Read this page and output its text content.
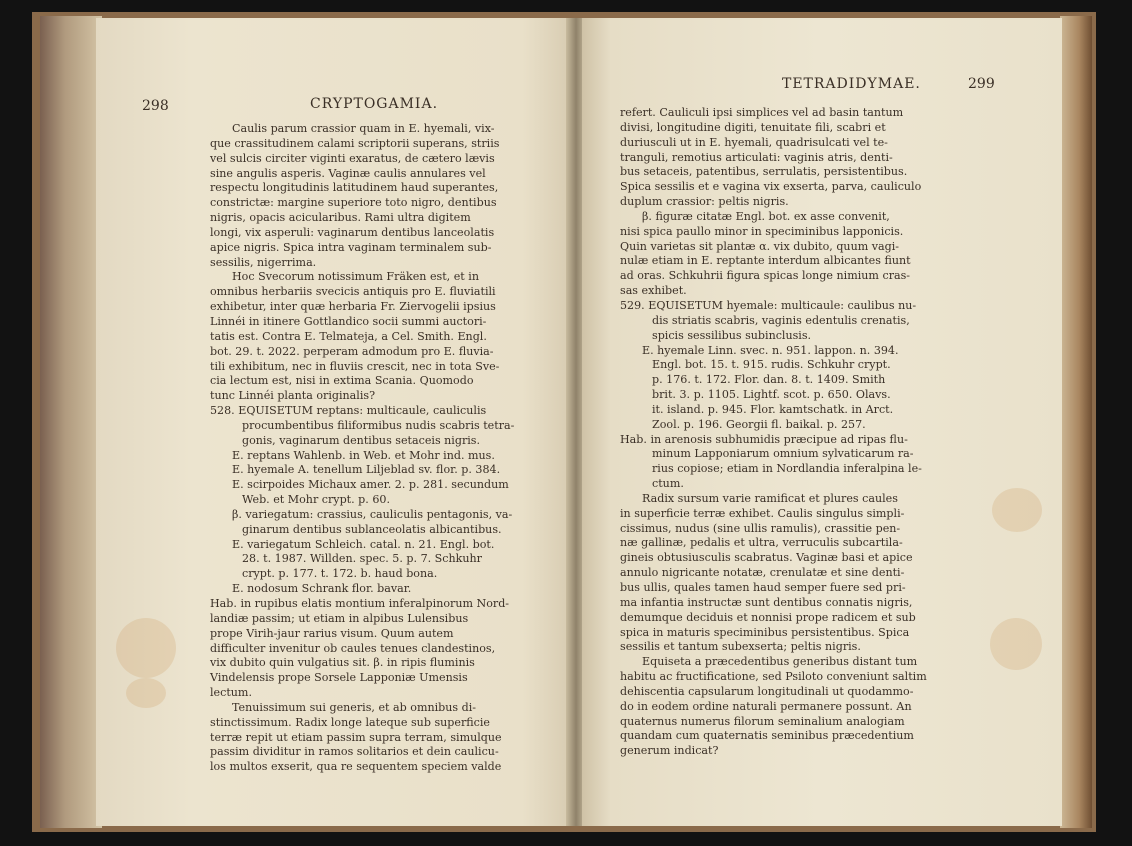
298	CRYPTOGAMIA.
Caulis parum crassior quam in E. hyemali, vix-
que crassitudinem calami scriptorii superans, striis
vel sulcis circiter viginti exaratus, de cætero lævis
sine angulis asperis. Vaginæ caulis annulares vel
respectu longitudinis latitudinem haud superantes,
constrictæ: margine superiore toto nigro, dentibus
nigris, opacis acicularibus. Rami ultra digitem
longi, vix asperuli: vaginarum dentibus lanceolatis
apice nigris. Spica intra vaginam terminalem sub-
sessilis, nigerrima.
Hoc Svecorum notissimum Fräken est, et in
omnibus herbariis svecicis antiquis pro E. fluviatili
exhibetur, inter quæ herbaria Fr. Ziervogelii ipsius
Linnéi in itinere Gottlandico socii summi auctori-
tatis est. Contra E. Telmateja, a Cel. Smith. Engl.
bot. 29. t. 2022. perperam admodum pro E. fluvia-
tili exhibitum, nec in fluviis crescit, nec in tota Sve-
cia lectum est, nisi in extima Scania. Quomodo
tunc Linnéi planta originalis?
528. EQUISETUM reptans: multicaule, cauliculis
procumbentibus filiformibus nudis scabris tetra-
gonis, vaginarum dentibus setaceis nigris.
E. reptans Wahlenb. in Web. et Mohr ind. mus.
E. hyemale A. tenellum Liljeblad sv. flor. p. 384.
E. scirpoides Michaux amer. 2. p. 281. secundum
Web. et Mohr crypt. p. 60.
β. variegatum: crassius, cauliculis pentagonis, va-
ginarum dentibus sublanceolatis albicantibus.
E. variegatum Schleich. catal. n. 21. Engl. bot.
28. t. 1987. Willden. spec. 5. p. 7. Schkuhr
crypt. p. 177. t. 172. b. haud bona.
E. nodosum Schrank flor. bavar.
Hab. in rupibus elatis montium inferalpinorum Nord-
landiæ passim; ut etiam in alpibus Lulensibus
prope Virih-jaur rarius visum. Quum autem
difficulter invenitur ob caules tenues clandestinos,
vix dubito quin vulgatius sit. β. in ripis fluminis
Vindelensis prope Sorsele Lapponiæ Umensis
lectum.
Tenuissimum sui generis, et ab omnibus di-
stinctissimum. Radix longe lateque sub superficie
terræ repit ut etiam passim supra terram, simulque
passim dividitur in ramos solitarios et dein caulicu-
los multos exserit, qua re sequentem speciem valde
TETRADIDYMAE.	299
refert. Cauliculi ipsi simplices vel ad basin tantum
divisi, longitudine digiti, tenuitate fili, scabri et
duriusculi ut in E. hyemali, quadrisulcati vel te-
tranguli, remotius articulati: vaginis atris, denti-
bus setaceis, patentibus, serrulatis, persistentibus.
Spica sessilis et e vagina vix exserta, parva, cauliculo
duplum crassior: peltis nigris.
β. figuræ citatæ Engl. bot. ex asse convenit,
nisi spica paullo minor in speciminibus lapponicis.
Quin varietas sit plantæ α. vix dubito, quum vagi-
nulæ etiam in E. reptante interdum albicantes fiunt
ad oras. Schkuhrii figura spicas longe nimium cras-
sas exhibet.
529. EQUISETUM hyemale: multicaule: caulibus nu-
dis striatis scabris, vaginis edentulis crenatis,
spicis sessilibus subinclusis.
E. hyemale Linn. svec. n. 951. lappon. n. 394.
Engl. bot. 15. t. 915. rudis. Schkuhr crypt.
p. 176. t. 172. Flor. dan. 8. t. 1409. Smith
brit. 3. p. 1105. Lightf. scot. p. 650. Olavs.
it. island. p. 945. Flor. kamtschatk. in Arct.
Zool. p. 196. Georgii fl. baikal. p. 257.
Hab. in arenosis subhumidis præcipue ad ripas flu-
minum Lapponiarum omnium sylvaticarum ra-
rius copiose; etiam in Nordlandia inferalpina le-
ctum.
Radix sursum varie ramificat et plures caules
in superficie terræ exhibet. Caulis singulus simpli-
cissimus, nudus (sine ullis ramulis), crassitie pen-
næ gallinæ, pedalis et ultra, verruculis subcartila-
gineis obtusiusculis scabratus. Vaginæ basi et apice
annulo nigricante notatæ, crenulatæ et sine denti-
bus ullis, quales tamen haud semper fuere sed pri-
ma infantia instructæ sunt dentibus connatis nigris,
demumque deciduis et nonnisi prope radicem et sub
spica in maturis speciminibus persistentibus. Spica
sessilis et tantum subexserta; peltis nigris.
Equiseta a præcedentibus generibus distant tum
habitu ac fructificatione, sed Psiloto conveniunt saltim
dehiscentia capsularum longitudinali ut quodammo-
do in eodem ordine naturali permanere possunt. An
quaternus numerus filorum seminalium analogiam
quandam cum quaternatis seminibus præcedentium
generum indicat?
